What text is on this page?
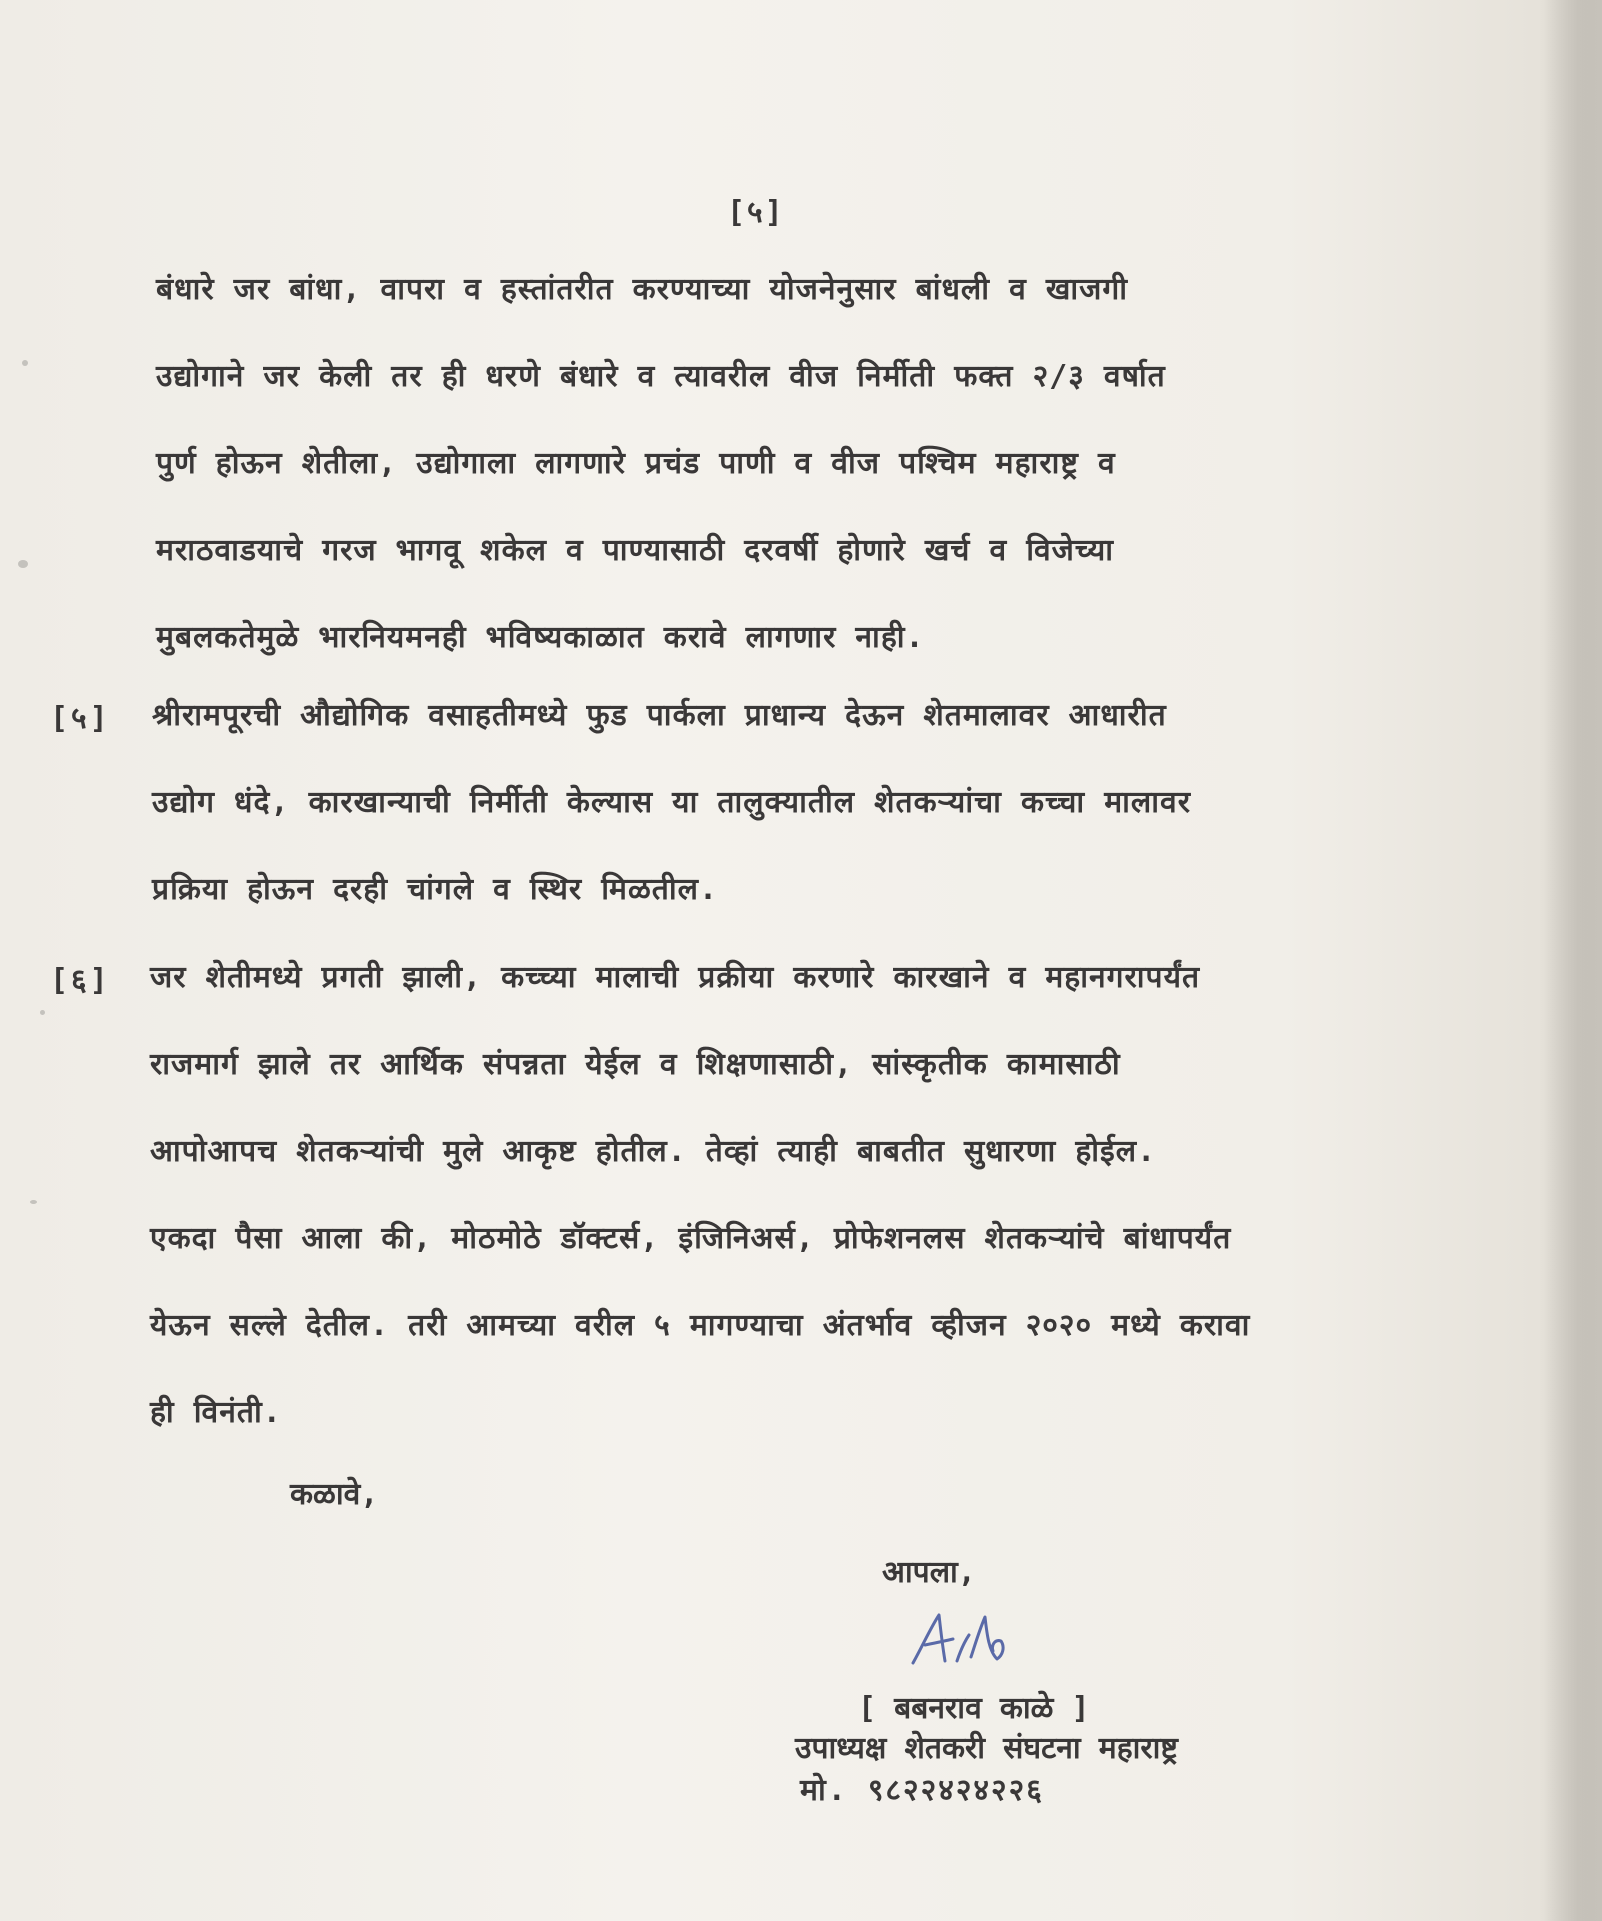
[५]
बंधारे जर बांधा, वापरा व हस्तांतरीत करण्याच्या योजनेनुसार बांधली व खाजगी
उद्योगाने जर केली तर ही धरणे बंधारे व त्यावरील वीज निर्मीती फक्त २/३ वर्षात
पुर्ण होऊन शेतीला, उद्योगाला लागणारे प्रचंड पाणी व वीज पश्चिम महाराष्ट्र व
मराठवाडयाचे गरज भागवू शकेल व पाण्यासाठी दरवर्षी होणारे खर्च व विजेच्या
मुबलकतेमुळे भारनियमनही भविष्यकाळात करावे लागणार नाही.
[५] श्रीरामपूरची औद्योगिक वसाहतीमध्ये फुड पार्कला प्राधान्य देऊन शेतमालावर आधारीत
उद्योग धंदे, कारखान्याची निर्मीती केल्यास या तालुक्यातील शेतकऱ्यांचा कच्चा मालावर
प्रक्रिया होऊन दरही चांगले व स्थिर मिळतील.
[६] जर शेतीमध्ये प्रगती झाली, कच्च्या मालाची प्रक्रीया करणारे कारखाने व महानगरापर्यंत
राजमार्ग झाले तर आर्थिक संपन्नता येईल व शिक्षणासाठी, सांस्कृतीक कामासाठी
आपोआपच शेतकऱ्यांची मुले आकृष्ट होतील. तेव्हां त्याही बाबतीत सुधारणा होईल.
एकदा पैसा आला की, मोठमोठे डॉक्टर्स, इंजिनिअर्स, प्रोफेशनलस शेतकऱ्यांचे बांधापर्यंत
येऊन सल्ले देतील. तरी आमच्या वरील ५ मागण्याचा अंतर्भाव व्हीजन २०२० मध्ये करावा
ही विनंती.
कळावे,
आपला,
[ बबनराव काळे ]
उपाध्यक्ष शेतकरी संघटना महाराष्ट्र
मो. ९८२२४२४२२६
